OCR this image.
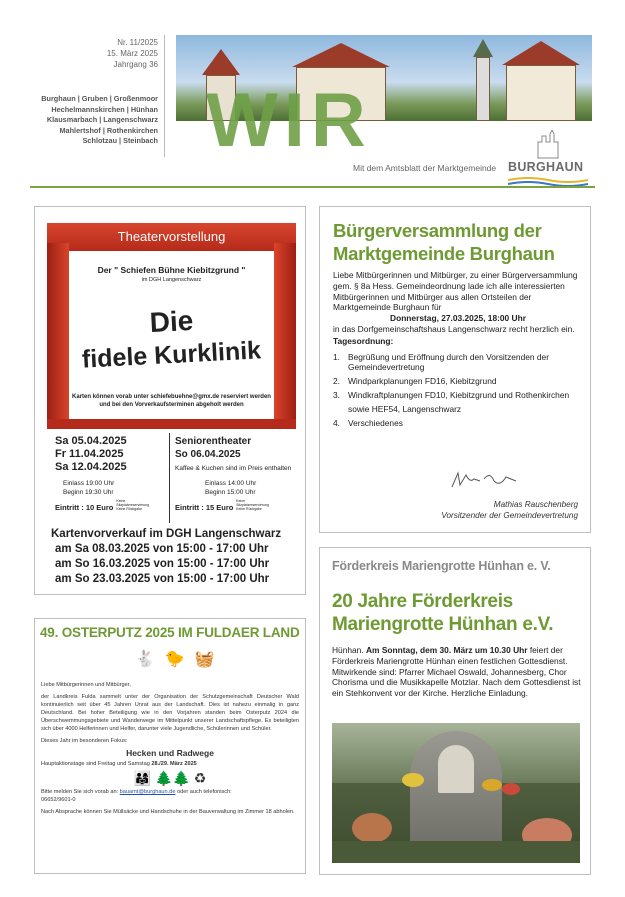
Nr. 11/2025
15. März 2025
Jahrgang 36
Burghaun | Gruben | Großenmoor
Hechelmannskirchen | Hünhan
Klausmarbach | Langenschwarz
Mahlertshof | Rothenkirchen
Schlotzau | Steinbach WIR
Mit dem Amtsblatt der Marktgemeinde BURGHAUN
Theatervorstellung
Der " Schiefen Bühne Kiebitzgrund "
im DGH Langenschwarz
Die
fidele Kurklinik
Karten können vorab unter schiefebuehne@gmx.de reserviert werden
und bei den Vorverkaufsterminen abgeholt werden
Sa 05.04.2025
Fr 11.04.2025
Sa 12.04.2025
Einlass 19:00 Uhr
Beginn 19:30 Uhr
Eintritt : 10 Euro Keine Sitzplatzreservierung Keine Rückgabe
Seniorentheater
So 06.04.2025
Kaffee & Kuchen sind im Preis enthalten
Einlass 14:00 Uhr
Beginn 15:00 Uhr
Eintritt : 15 Euro Keine Sitzplatzreservierung Keine Rückgabe
Kartenvorverkauf im DGH Langenschwarz
am Sa 08.03.2025 von 15:00 - 17:00 Uhr
am So 16.03.2025 von 15:00 - 17:00 Uhr
am So 23.03.2025 von 15:00 - 17:00 Uhr
49. OSTERPUTZ 2025 IM FULDAER LAND
🐇 🐤 🧺

Liebe Mitbürgerinnen und Mitbürger,

der Landkreis Fulda sammelt unter der Organisation der Schutzgemeinschaft Deutscher Wald kontinuierlich seit über 45 Jahren Unrat aus der Landschaft. Dies ist nahezu einmalig in ganz Deutschland. Bei hoher Beteiligung wie in den Vorjahren standen beim Osterputz 2024 die Überschwemmungsgebiete und Wanderwege im Mittelpunkt unserer Landschaftspflege. Es beteiligten sich über 4000 Helferinnen und Helfer, darunter viele Jugendliche, Schülerinnen und Schüler.

Dieses Jahr im besonderen Fokus:

Hecken und Radwege

Hauptaktionstage sind Freitag und Samstag 28./29. März 2025

👨‍👩‍👧 🌲🌲 ♻

Bitte melden Sie sich vorab an: bauamt@burghaun.de oder auch telefonisch:
06652/9601-0

Nach Absprache können Sie Müllsäcke und Handschuhe in der Bauverwaltung im Zimmer 18 abholen.

Bürgerversammlung der Marktgemeinde Burghaun
Liebe Mitbürgerinnen und Mitbürger, zu einer Bürgerversammlung gem. § 8a Hess. Gemeindeordnung lade ich alle interessierten Mitbürgerinnen und Mitbürger aus allen Ortsteilen der Marktgemeinde Burghaun für
Donnerstag, 27.03.2025, 18:00 Uhr
in das Dorfgemeinschaftshaus Langenschwarz recht herzlich ein.
Tagesordnung:
1. Begrüßung und Eröffnung durch den Vorsitzenden der Gemeindevertretung
2. Windparkplanungen FD16, Kiebitzgrund
3. Windkraftplanungen FD10, Kiebitzgrund und Rothenkirchen
sowie HEF54, Langenschwarz
4. Verschiedenes
Mathias Rauschenberg
Vorsitzender der Gemeindevertretung
Förderkreis Mariengrotte Hünhan e. V.
20 Jahre Förderkreis Mariengrotte Hünhan e.V.
Hünhan. Am Sonntag, dem 30. März um 10.30 Uhr feiert der Förderkreis Mariengrotte Hünhan einen festlichen Gottesdienst.
Mitwirkende sind: Pfarrer Michael Oswald, Johannesberg, Chor Chorisma und die Musikkapelle Motzlar. Nach dem Gottesdienst ist ein Stehkonvent vor der Kirche. Herzliche Einladung.
